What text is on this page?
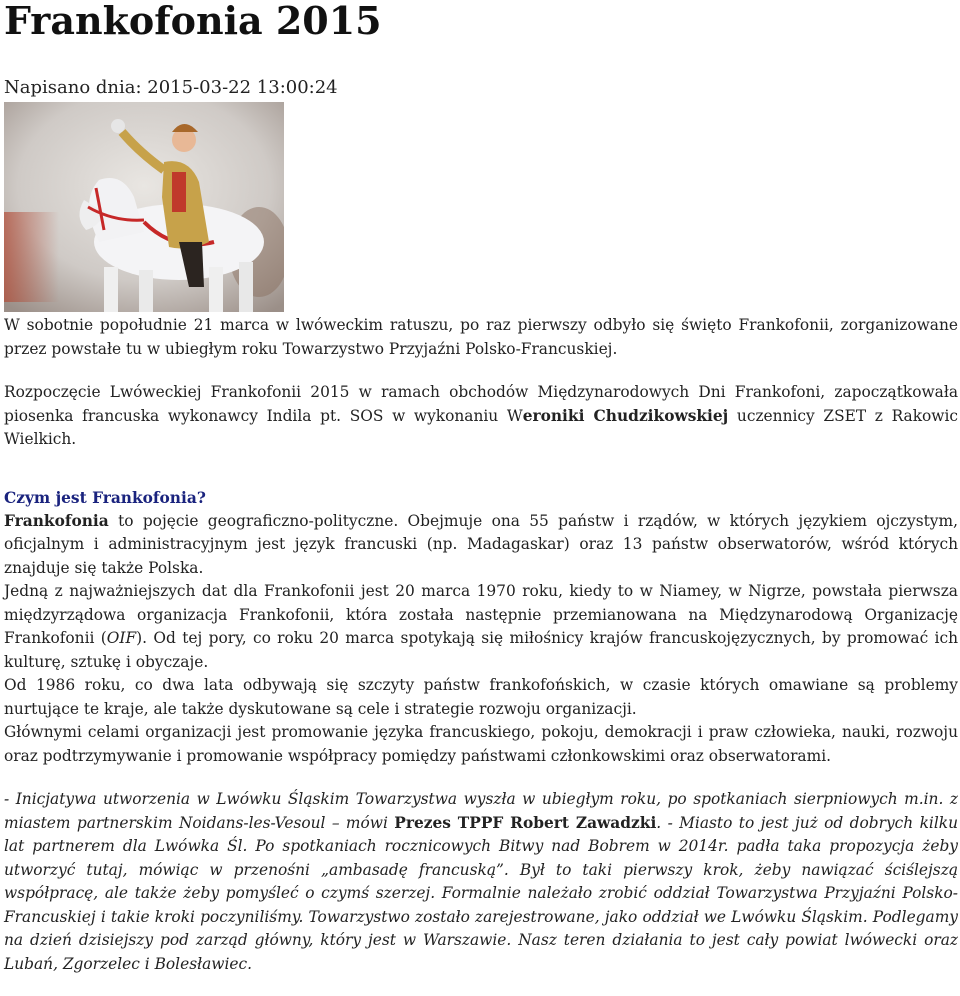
Frankofonia 2015
Napisano dnia: 2015-03-22 13:00:24

W sobotnie popołudnie 21 marca w lwóweckim ratuszu, po raz pierwszy odbyło się święto Frankofonii, zorganizowane przez powstałe tu w ubiegłym roku Towarzystwo Przyjaźni Polsko-Francuskiej.

Rozpoczęcie Lwóweckiej Frankofonii 2015 w ramach obchodów Międzynarodowych Dni Frankofoni, zapoczątkowała piosenka francuska wykonawcy Indila pt. SOS w wykonaniu Weroniki Chudzikowskiej uczennicy ZSET z Rakowic Wielkich.

Czym jest Frankofonia?

Frankofonia to pojęcie geograficzno-polityczne. Obejmuje ona 55 państw i rządów, w których językiem ojczystym, oficjalnym i administracyjnym jest język francuski (np. Madagaskar) oraz 13 państw obserwatorów, wśród których znajduje się także Polska.

Jedną z najważniejszych dat dla Frankofonii jest 20 marca 1970 roku, kiedy to w Niamey, w Nigrze, powstała pierwsza międzyrządowa organizacja Frankofonii, która została następnie przemianowana na Międzynarodową Organizację Frankofonii (OIF). Od tej pory, co roku 20 marca spotykają się miłośnicy krajów francuskojęzycznych, by promować ich kulturę, sztukę i obyczaje.

Od 1986 roku, co dwa lata odbywają się szczyty państw frankofońskich, w czasie których omawiane są problemy nurtujące te kraje, ale także dyskutowane są cele i strategie rozwoju organizacji.

Głównymi celami organizacji jest promowanie języka francuskiego, pokoju, demokracji i praw człowieka, nauki, rozwoju oraz podtrzymywanie i promowanie współpracy pomiędzy państwami członkowskimi oraz obserwatorami.

- Inicjatywa utworzenia w Lwówku Śląskim Towarzystwa wyszła w ubiegłym roku, po spotkaniach sierpniowych m.in. z miastem partnerskim Noidans-les-Vesoul – mówi Prezes TPPF Robert Zawadzki. - Miasto to jest już od dobrych kilku lat partnerem dla Lwówka Śl. Po spotkaniach rocznicowych Bitwy nad Bobrem w 2014r. padła taka propozycja żeby utworzyć tutaj, mówiąc w przenośni „ambasadę francuską”. Był to taki pierwszy krok, żeby nawiązać ściślejszą współpracę, ale także żeby pomyśleć o czymś szerzej. Formalnie należało zrobić oddział Towarzystwa Przyjaźni Polsko-Francuskiej i takie kroki poczyniliśmy. Towarzystwo zostało zarejestrowane, jako oddział we Lwówku Śląskim. Podlegamy na dzień dzisiejszy pod zarząd główny, który jest w Warszawie. Nasz teren działania to jest cały powiat lwówecki oraz Lubań, Zgorzelec i Bolesławiec.
